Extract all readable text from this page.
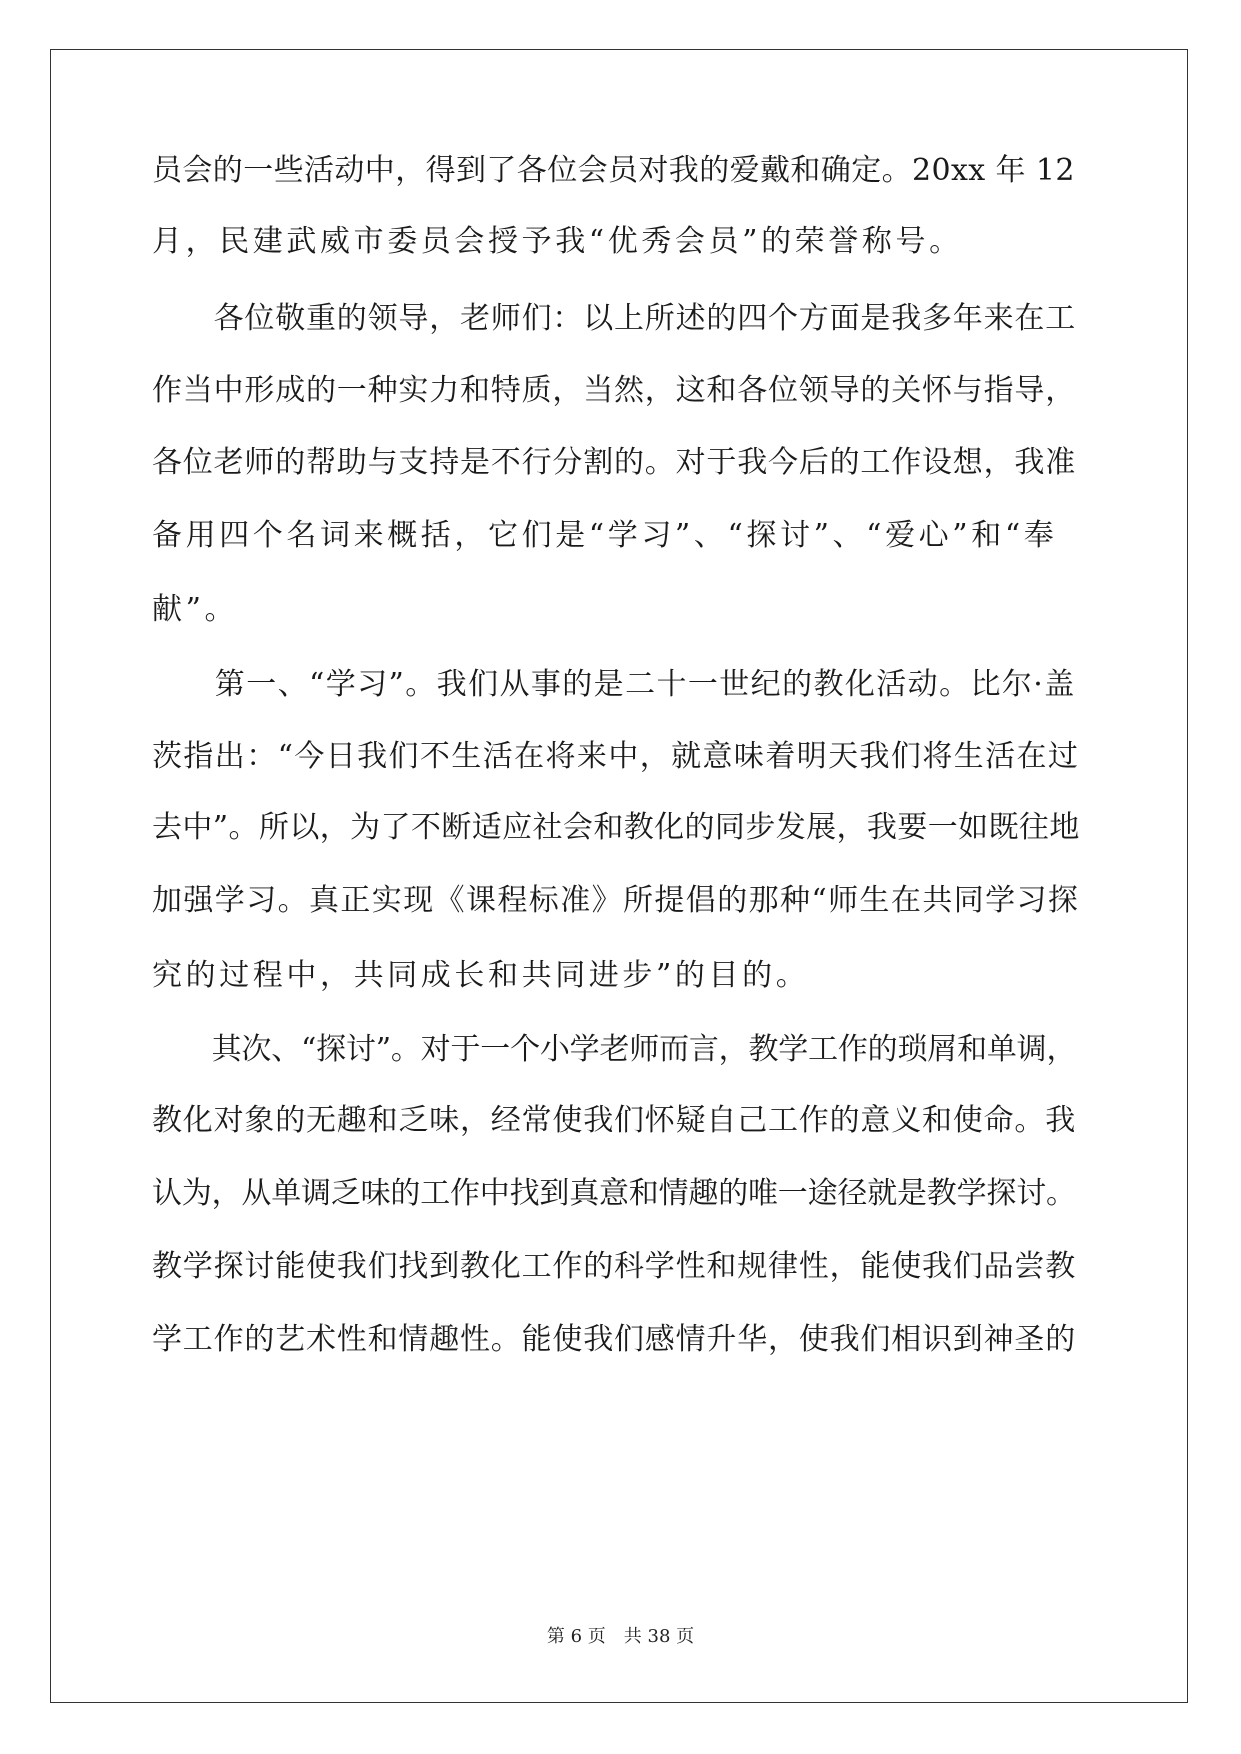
员会的一些活动中，得到了各位会员对我的爱戴和确定。20xx 年 12
月，民建武威市委员会授予我“优秀会员”的荣誉称号。
　　各位敬重的领导，老师们：以上所述的四个方面是我多年来在工
作当中形成的一种实力和特质，当然，这和各位领导的关怀与指导，
各位老师的帮助与支持是不行分割的。对于我今后的工作设想，我准
备用四个名词来概括，它们是“学习”、“探讨”、“爱心”和“奉
献”。
　　第一、“学习”。我们从事的是二十一世纪的教化活动。比尔·盖
茨指出：“今日我们不生活在将来中，就意味着明天我们将生活在过
去中”。所以，为了不断适应社会和教化的同步发展，我要一如既往地
加强学习。真正实现《课程标准》所提倡的那种“师生在共同学习探
究的过程中，共同成长和共同进步”的目的。
　　其次、“探讨”。对于一个小学老师而言，教学工作的琐屑和单调，
教化对象的无趣和乏味，经常使我们怀疑自己工作的意义和使命。我
认为，从单调乏味的工作中找到真意和情趣的唯一途径就是教学探讨。
教学探讨能使我们找到教化工作的科学性和规律性，能使我们品尝教
学工作的艺术性和情趣性。能使我们感情升华，使我们相识到神圣的
第 6 页　共 38 页
